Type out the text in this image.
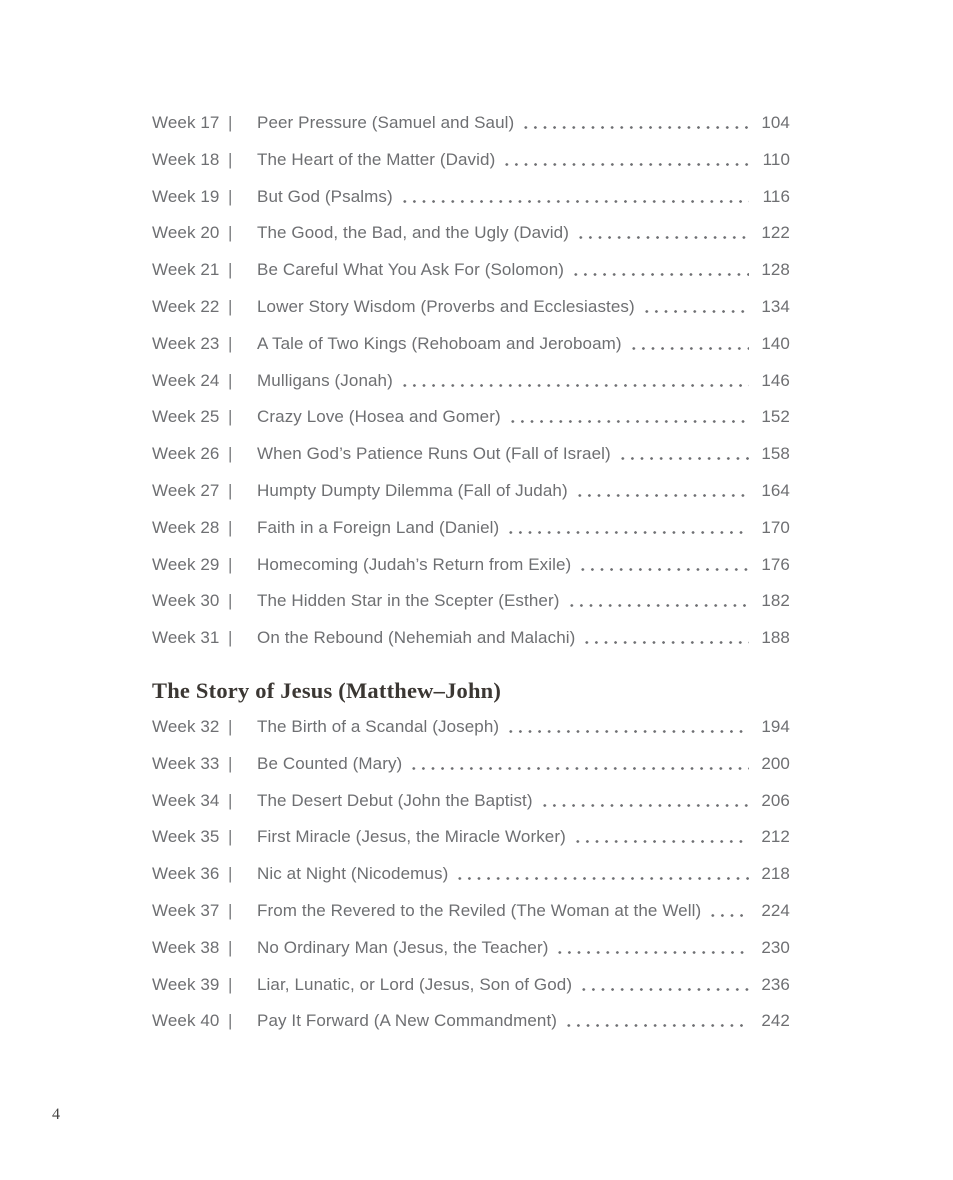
Week 17 |	Peer Pressure (Samuel and Saul)	104
Week 18 |	The Heart of the Matter (David)	110
Week 19 |	But God (Psalms)	116
Week 20 |	The Good, the Bad, and the Ugly (David)	122
Week 21 |	Be Careful What You Ask For (Solomon)	128
Week 22 |	Lower Story Wisdom (Proverbs and Ecclesiastes)	134
Week 23 |	A Tale of Two Kings (Rehoboam and Jeroboam)	140
Week 24 |	Mulligans (Jonah)	146
Week 25 |	Crazy Love (Hosea and Gomer)	152
Week 26 |	When God’s Patience Runs Out (Fall of Israel)	158
Week 27 |	Humpty Dumpty Dilemma (Fall of Judah)	164
Week 28 |	Faith in a Foreign Land (Daniel)	170
Week 29 |	Homecoming (Judah’s Return from Exile)	176
Week 30 |	The Hidden Star in the Scepter (Esther)	182
Week 31 |	On the Rebound (Nehemiah and Malachi)	188
The Story of Jesus (Matthew–John)
Week 32 |	The Birth of a Scandal (Joseph)	194
Week 33 |	Be Counted (Mary)	200
Week 34 |	The Desert Debut (John the Baptist)	206
Week 35 |	First Miracle (Jesus, the Miracle Worker)	212
Week 36 |	Nic at Night (Nicodemus)	218
Week 37 |	From the Revered to the Reviled (The Woman at the Well)	224
Week 38 |	No Ordinary Man (Jesus, the Teacher)	230
Week 39 |	Liar, Lunatic, or Lord (Jesus, Son of God)	236
Week 40 |	Pay It Forward (A New Commandment)	242
4
